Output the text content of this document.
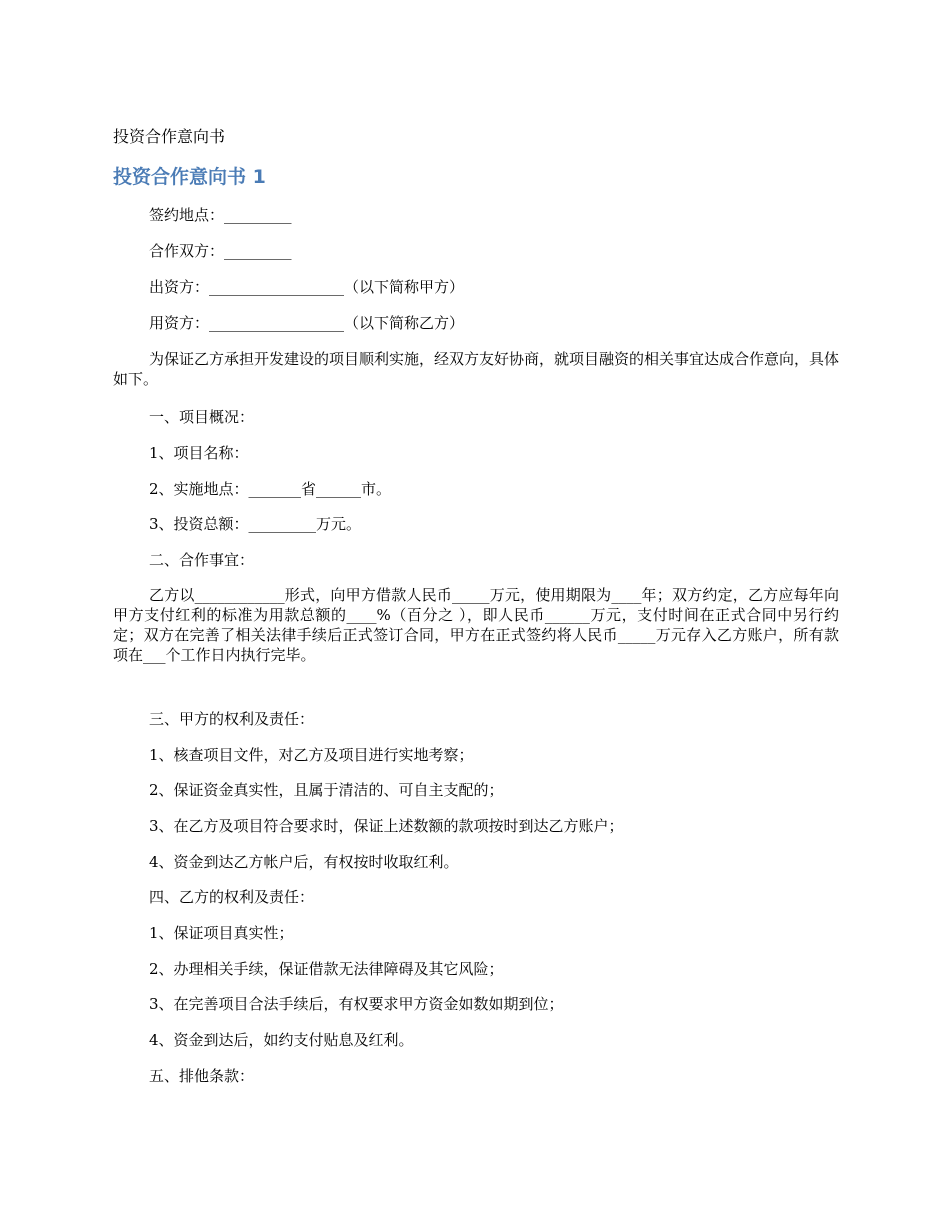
投资合作意向书
投资合作意向书 1
签约地点：_________
合作双方：_________
出资方：__________________（以下简称甲方）
用资方：__________________（以下简称乙方）
为保证乙方承担开发建设的项目顺利实施，经双方友好协商，就项目融资的相关事宜达成合作意向，具体如下。
一、项目概况：
1、项目名称：
2、实施地点：_______省______市。
3、投资总额：_________万元。
二、合作事宜：
乙方以____________形式，向甲方借款人民币_____万元，使用期限为____年；双方约定，乙方应每年向甲方支付红利的标准为用款总额的____%（百分之 ），即人民币______万元，支付时间在正式合同中另行约定；双方在完善了相关法律手续后正式签订合同，甲方在正式签约将人民币_____万元存入乙方账户，所有款项在___个工作日内执行完毕。
三、甲方的权利及责任：
1、核查项目文件，对乙方及项目进行实地考察；
2、保证资金真实性，且属于清洁的、可自主支配的；
3、在乙方及项目符合要求时，保证上述数额的款项按时到达乙方账户；
4、资金到达乙方帐户后，有权按时收取红利。
四、乙方的权利及责任：
1、保证项目真实性；
2、办理相关手续，保证借款无法律障碍及其它风险；
3、在完善项目合法手续后，有权要求甲方资金如数如期到位；
4、资金到达后，如约支付贴息及红利。
五、排他条款：
